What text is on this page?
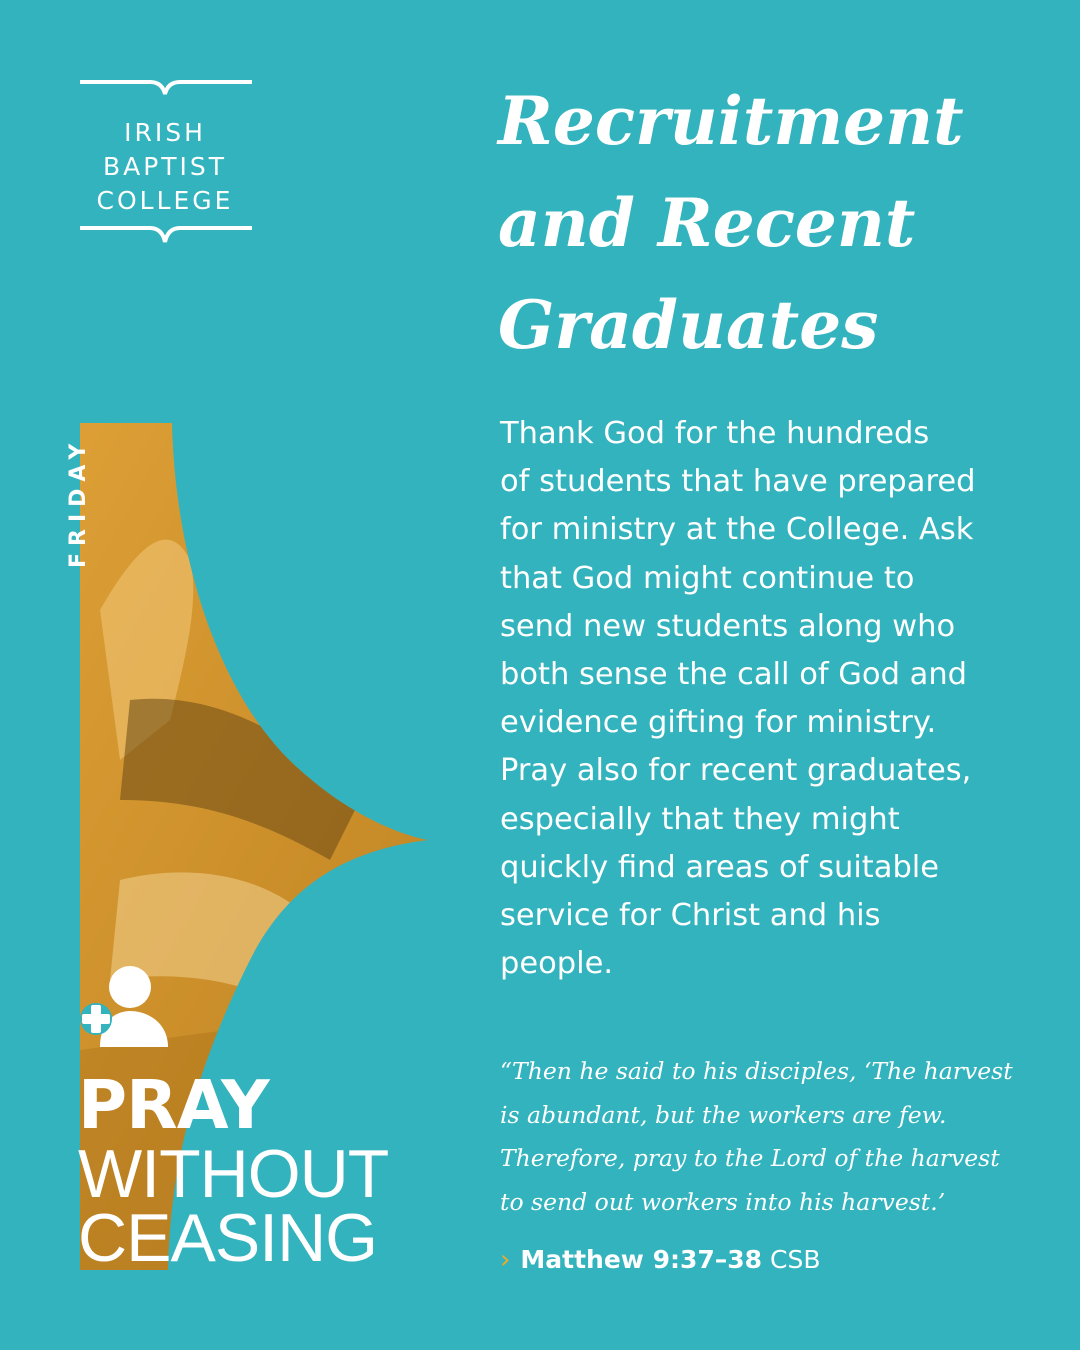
IRISH
BAPTIST
COLLEGE
Recruitment
and Recent
Graduates
Thank God for the hundreds
of students that have prepared
for ministry at the College. Ask
that God might continue to
send new students along who
both sense the call of God and
evidence gifting for ministry.
Pray also for recent graduates,
especially that they might
quickly find areas of suitable
service for Christ and his
people.
“Then he said to his disciples, ‘The harvest
is abundant, but the workers are few.
Therefore, pray to the Lord of the harvest
to send out workers into his harvest.’
› Matthew 9:37–38 CSB
FRIDAY
PRAY
WITHOUT
CEASING
